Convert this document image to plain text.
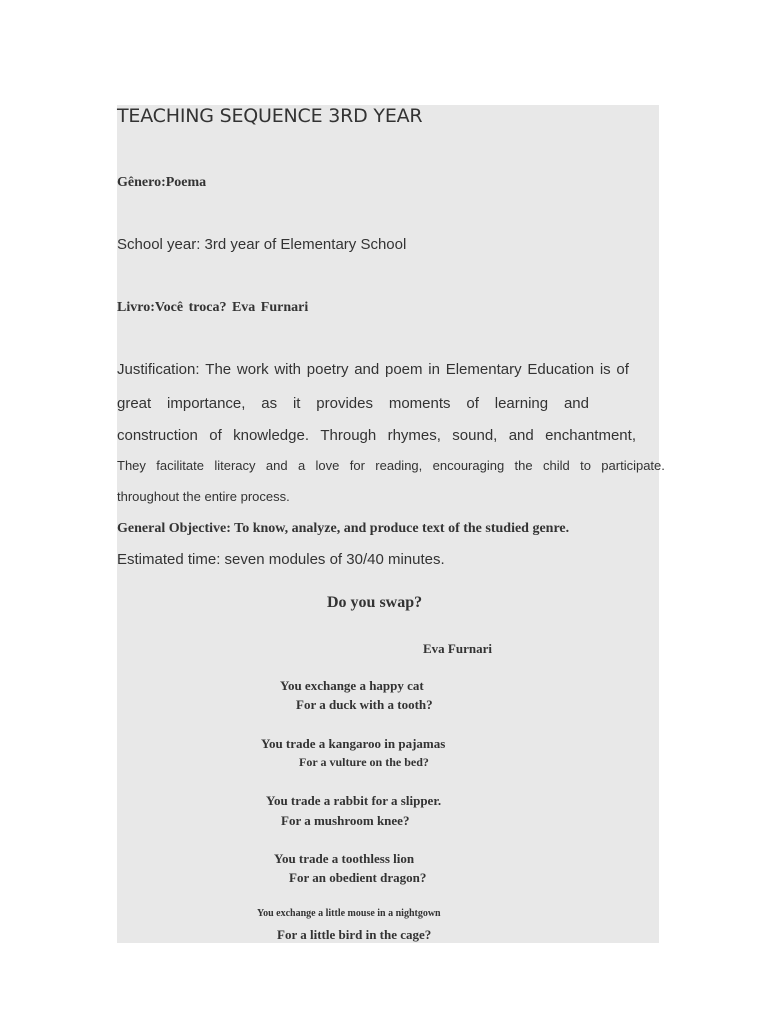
TEACHING SEQUENCE 3RD YEAR
Gênero:Poema
School year: 3rd year of Elementary School
Livro:Você troca? Eva Furnari
Justification: The work with poetry and poem in Elementary Education is of
great importance, as it provides moments of learning and
construction of knowledge. Through rhymes, sound, and enchantment,
They facilitate literacy and a love for reading, encouraging the child to participate.
throughout the entire process.
General Objective: To know, analyze, and produce text of the studied genre.
Estimated time: seven modules of 30/40 minutes.
Do you swap?
Eva Furnari
You exchange a happy cat
For a duck with a tooth?
You trade a kangaroo in pajamas
For a vulture on the bed?
You trade a rabbit for a slipper.
For a mushroom knee?
You trade a toothless lion
For an obedient dragon?
You exchange a little mouse in a nightgown
For a little bird in the cage?
